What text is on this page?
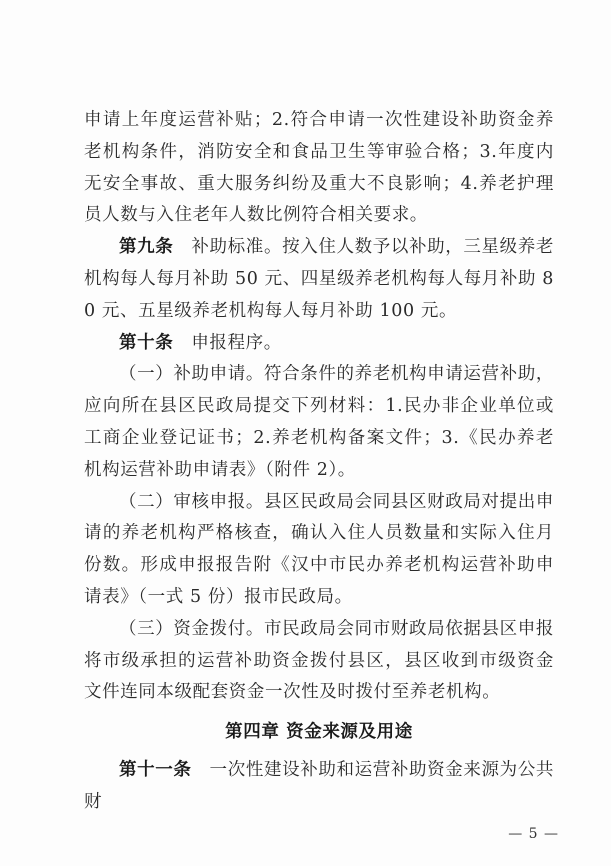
申请上年度运营补贴；2.符合申请一次性建设补助资金养老机构条件，消防安全和食品卫生等审验合格；3.年度内无安全事故、重大服务纠纷及重大不良影响；4.养老护理员人数与入住老年人数比例符合相关要求。

第九条 补助标准。按入住人数予以补助，三星级养老机构每人每月补助 50 元、四星级养老机构每人每月补助 80 元、五星级养老机构每人每月补助 100 元。

第十条 申报程序。

（一）补助申请。符合条件的养老机构申请运营补助，应向所在县区民政局提交下列材料：1.民办非企业单位或工商企业登记证书；2.养老机构备案文件；3.《民办养老机构运营补助申请表》（附件 2）。

（二）审核申报。县区民政局会同县区财政局对提出申请的养老机构严格核查，确认入住人员数量和实际入住月份数。形成申报报告附《汉中市民办养老机构运营补助申请表》（一式 5 份）报市民政局。

（三）资金拨付。市民政局会同市财政局依据县区申报将市级承担的运营补助资金拨付县区，县区收到市级资金文件连同本级配套资金一次性及时拨付至养老机构。

第四章 资金来源及用途

第十一条 一次性建设补助和运营补助资金来源为公共财

— 5 —
